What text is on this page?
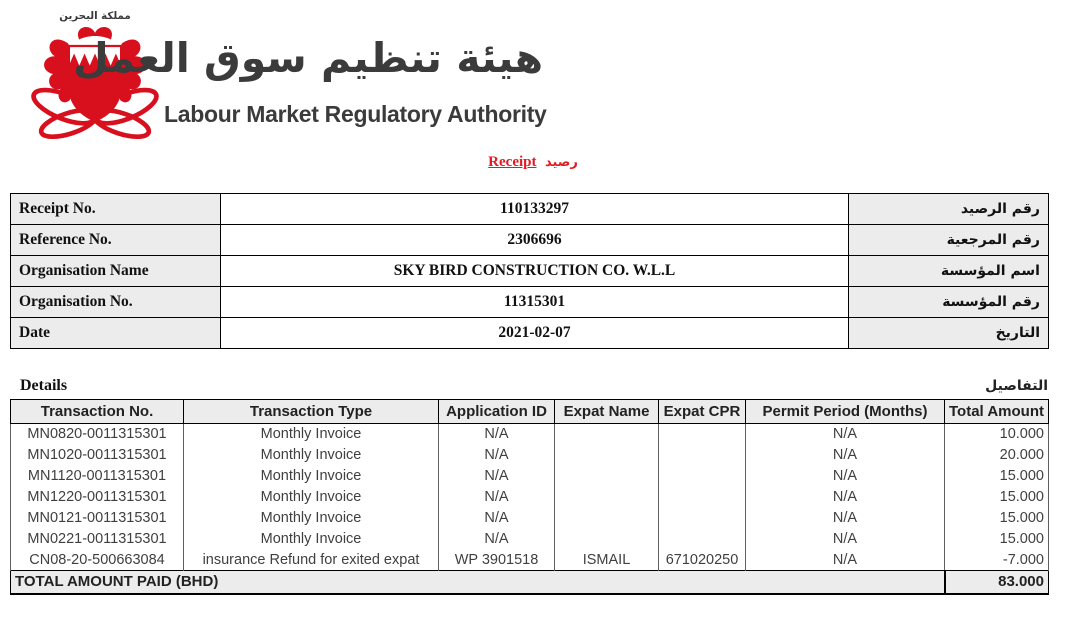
مملكة البحرين
هيئة تنظيم سوق العمل
Labour Market Regulatory Authority
Receipt رصيد
Receipt No.	110133297	رقم الرصيد
Reference No.	2306696	رقم المرجعية
Organisation Name	SKY BIRD CONSTRUCTION CO. W.L.L	اسم المؤسسة
Organisation No.	11315301	رقم المؤسسة
Date	2021-02-07	التاريخ
Details	التفاصيل
Transaction No.	Transaction Type	Application ID	Expat Name	Expat CPR	Permit Period (Months)	Total Amount
MN0820-0011315301	Monthly Invoice	N/A			N/A	10.000
MN1020-0011315301	Monthly Invoice	N/A			N/A	20.000
MN1120-0011315301	Monthly Invoice	N/A			N/A	15.000
MN1220-0011315301	Monthly Invoice	N/A			N/A	15.000
MN0121-0011315301	Monthly Invoice	N/A			N/A	15.000
MN0221-0011315301	Monthly Invoice	N/A			N/A	15.000
CN08-20-500663084	insurance Refund for exited expat	WP 3901518	ISMAIL	671020250	N/A	-7.000
TOTAL AMOUNT PAID (BHD)						83.000
